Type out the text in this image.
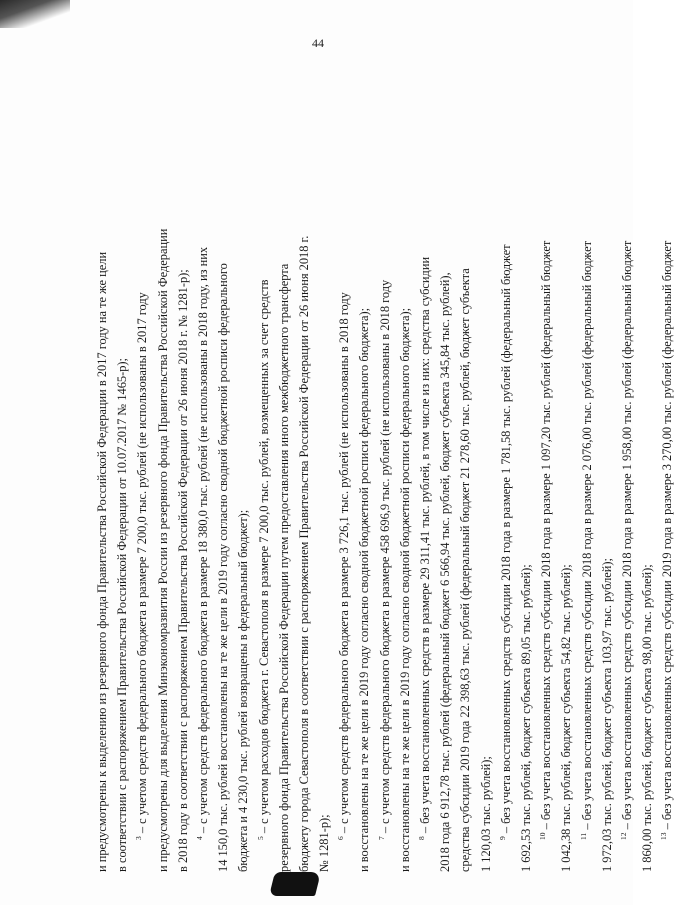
44
и предусмотрены к выделению из резервного фонда Правительства Российской Федерации в 2017 году на те же цели в соответствии с распоряжением Правительства Российской Федерации от 10.07.2017 № 1465-р); $^3$ – с учетом средств федерального бюджета в размере 7 200,0 тыс. рублей (не использованы в 2017 году и предусмотрены для выделения Минэкономразвития России из резервного фонда Правительства Российской Федерации в 2018 году в соответствии с распоряжением Правительства Российской Федерации от 26 июня 2018 г. № 1281-р); $^4$ – с учетом средств федерального бюджета в размере 18 380,0 тыс. рублей (не использованы в 2018 году, из них 14 150,0 тыс. рублей восстановлены на те же цели в 2019 году согласно сводной бюджетной росписи федерального бюджета и 4 230,0 тыс. рублей возвращены в федеральный бюджет); $^5$ – с учетом расходов бюджета г. Севастополя в размере 7 200,0 тыс. рублей, возмещенных за счет средств резервного фонда Правительства Российской Федерации путем предоставления иного межбюджетного трансферта бюджету города Севастополя в соответствии с распоряжением Правительства Российской Федерации от 26 июня 2018 г. № 1281-р); $^6$ – с учетом средств федерального бюджета в размере 3 726,1 тыс. рублей (не использованы в 2018 году и восстановлены на те же цели в 2019 году согласно сводной бюджетной росписи федерального бюджета); $^7$ – с учетом средств федерального бюджета в размере 458 696,9 тыс. рублей (не использованы в 2018 году и восстановлены на те же цели в 2019 году согласно сводной бюджетной росписи федерального бюджета); $^8$ – без учета восстановленных средств в размере 29 311,41 тыс. рублей, в том числе из них: средства субсидии 2018 года 6 912,78 тыс. рублей (федеральный бюджет 6 566,94 тыс. рублей, бюджет субъекта 345,84 тыс. рублей), средства субсидии 2019 года 22 398,63 тыс. рублей (федеральный бюджет 21 278,60 тыс. рублей, бюджет субъекта 1 120,03 тыс. рублей); $^9$ – без учета восстановленных средств субсидии 2018 года в размере 1 781,58 тыс. рублей (федеральный бюджет 1 692,53 тыс. рублей, бюджет субъекта 89,05 тыс. рублей); $^{10}$ – без учета восстановленных средств субсидии 2018 года в размере 1 097,20 тыс. рублей (федеральный бюджет 1 042,38 тыс. рублей, бюджет субъекта 54,82 тыс. рублей); $^{11}$ – без учета восстановленных средств субсидии 2018 года в размере 2 076,00 тыс. рублей (федеральный бюджет 1 972,03 тыс. рублей, бюджет субъекта 103,97 тыс. рублей); $^{12}$ – без учета восстановленных средств субсидии 2018 года в размере 1 958,00 тыс. рублей (федеральный бюджет 1 860,00 тыс. рублей, бюджет субъекта 98,00 тыс. рублей); $^{13}$ – без учета восстановленных средств субсидии 2019 года в размере 3 270,00 тыс. рублей (федеральный бюджет
